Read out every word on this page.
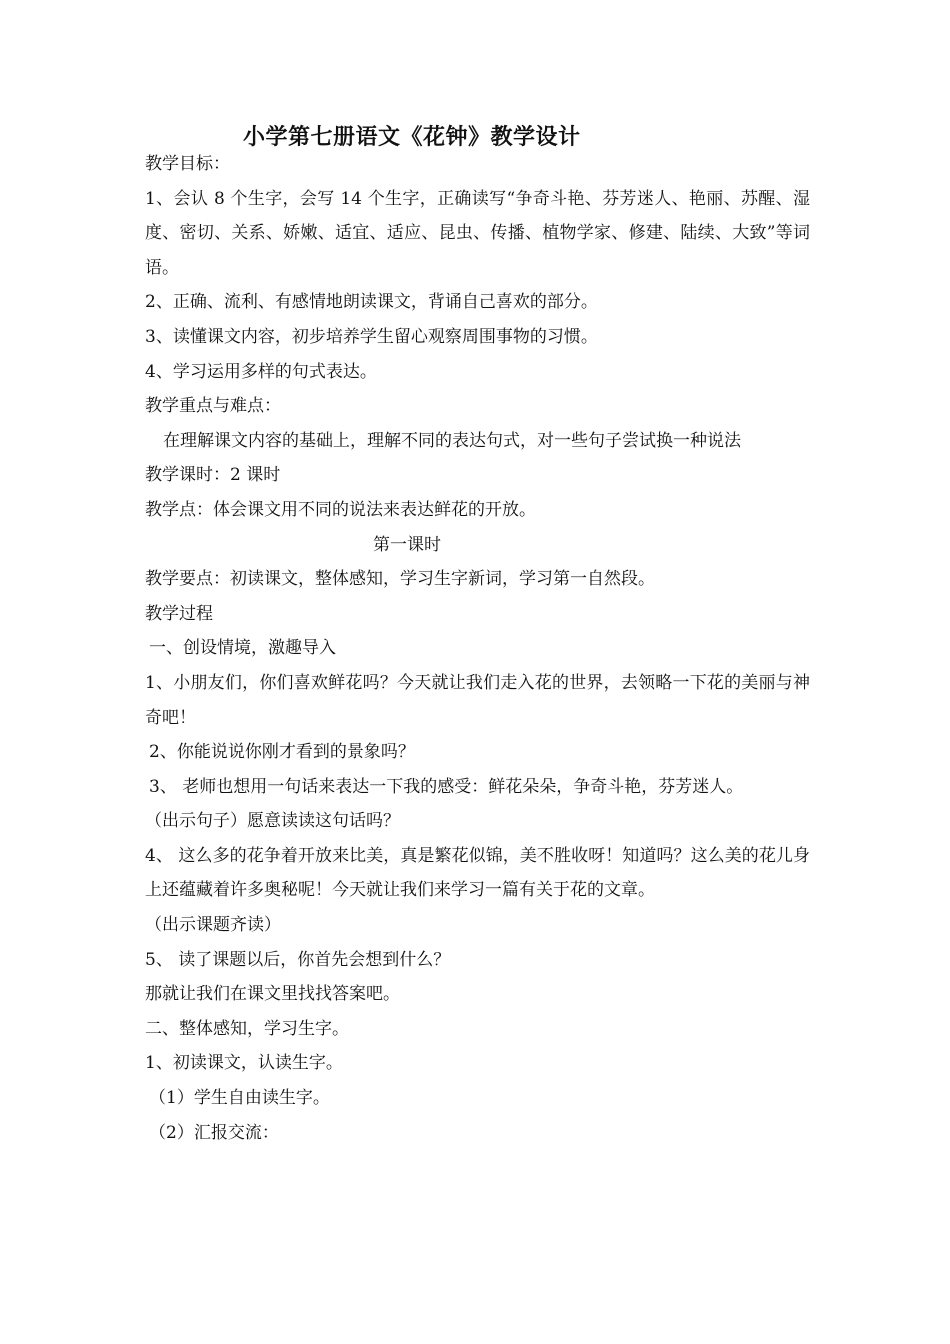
小学第七册语文《花钟》教学设计
教学目标：
1、会认 8 个生字，会写 14 个生字，正确读写“争奇斗艳、芬芳迷人、艳丽、苏醒、湿度、密切、关系、娇嫩、适宜、适应、昆虫、传播、植物学家、修建、陆续、大致”等词语。
2、正确、流利、有感情地朗读课文，背诵自己喜欢的部分。
3、读懂课文内容，初步培养学生留心观察周围事物的习惯。
4、学习运用多样的句式表达。
教学重点与难点：
在理解课文内容的基础上，理解不同的表达句式，对一些句子尝试换一种说法
教学课时：2 课时
教学点：体会课文用不同的说法来表达鲜花的开放。
第一课时
教学要点：初读课文，整体感知，学习生字新词，学习第一自然段。
教学过程
一、创设情境，激趣导入
1、小朋友们，你们喜欢鲜花吗？今天就让我们走入花的世界，去领略一下花的美丽与神奇吧！
2、你能说说你刚才看到的景象吗？
3、 老师也想用一句话来表达一下我的感受：鲜花朵朵，争奇斗艳，芬芳迷人。
（出示句子）愿意读读这句话吗？
4、 这么多的花争着开放来比美，真是繁花似锦，美不胜收呀！知道吗？这么美的花儿身上还蕴藏着许多奥秘呢！今天就让我们来学习一篇有关于花的文章。
（出示课题齐读）
5、 读了课题以后，你首先会想到什么？
那就让我们在课文里找找答案吧。
二、整体感知，学习生字。
1、初读课文，认读生字。
（1）学生自由读生字。
（2）汇报交流：
